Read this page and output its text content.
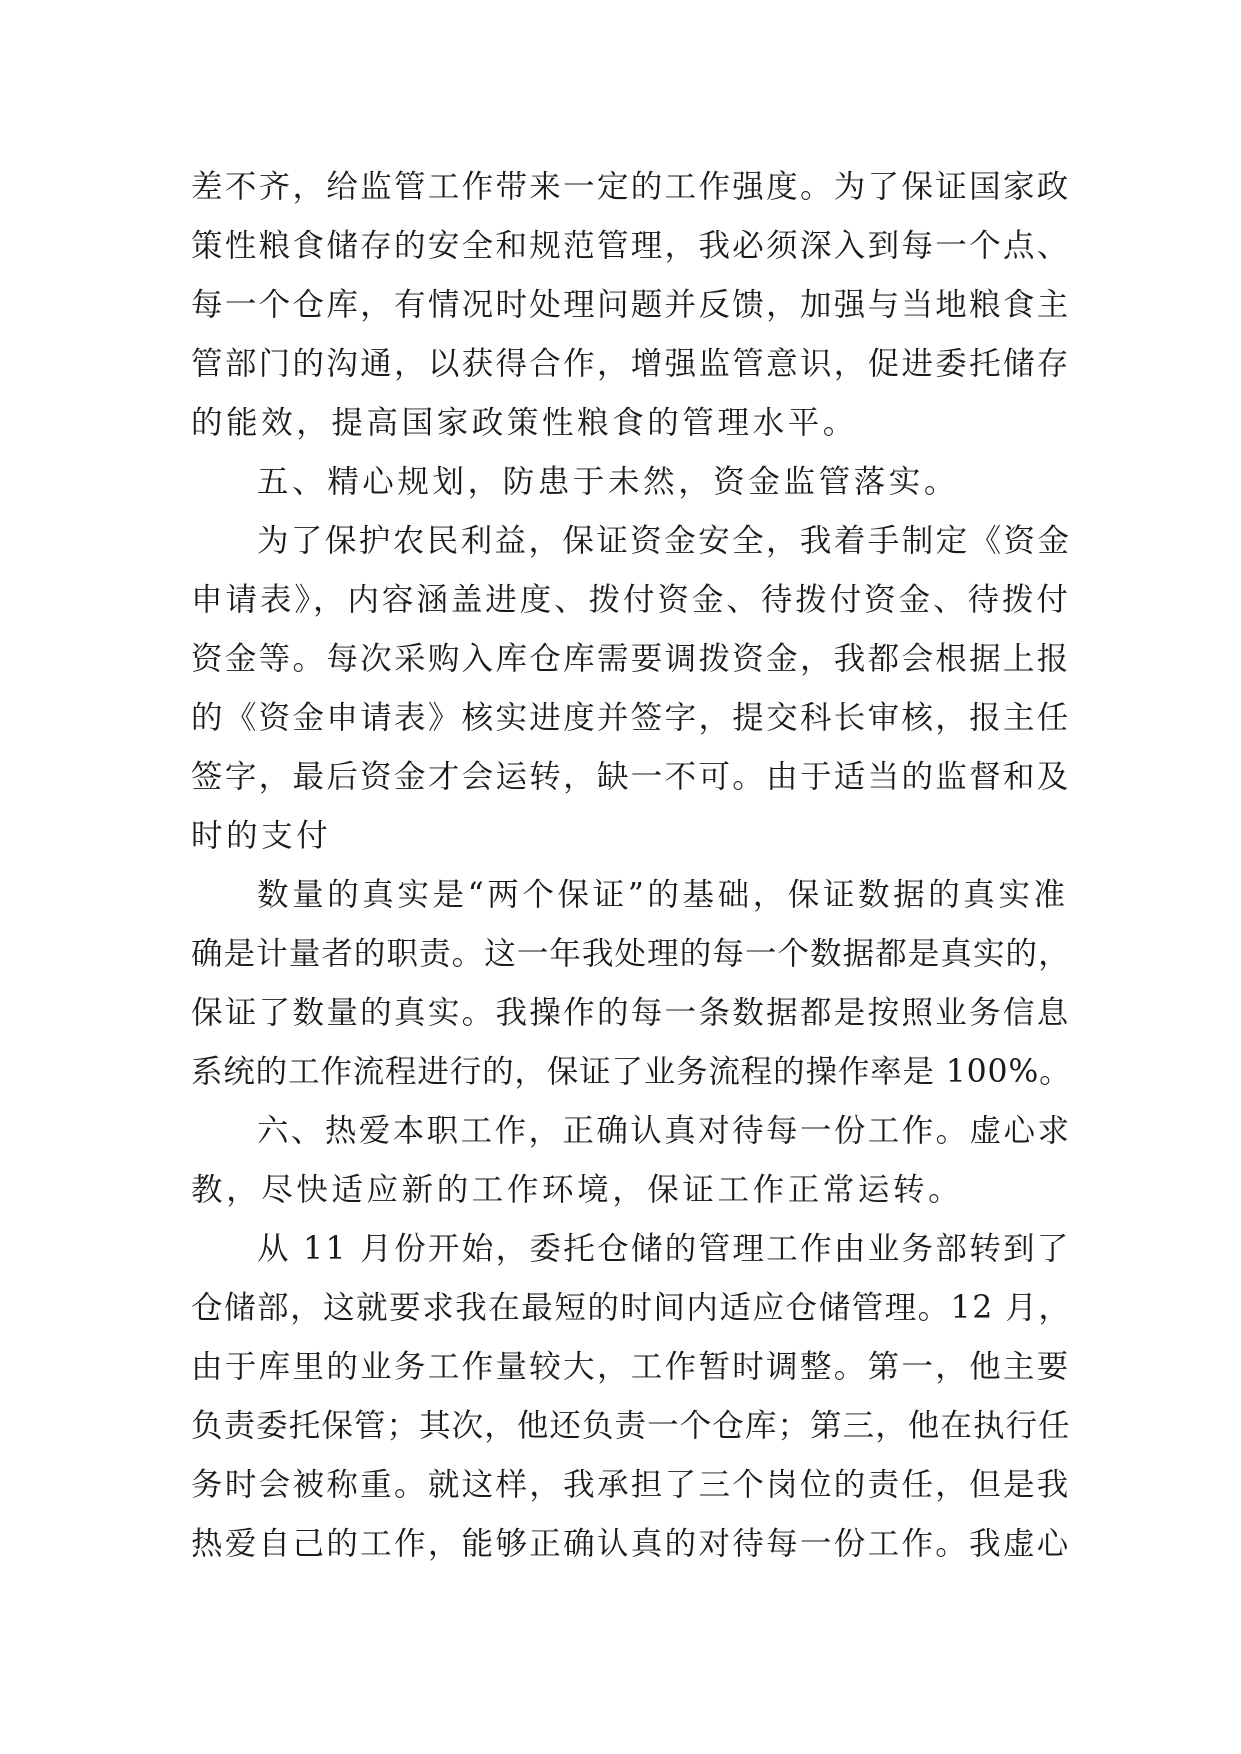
差不齐，给监管工作带来一定的工作强度。为了保证国家政
策性粮食储存的安全和规范管理，我必须深入到每一个点、
每一个仓库，有情况时处理问题并反馈，加强与当地粮食主
管部门的沟通，以获得合作，增强监管意识，促进委托储存
的能效，提高国家政策性粮食的管理水平。
五、精心规划，防患于未然，资金监管落实。
为了保护农民利益，保证资金安全，我着手制定《资金
申请表》，内容涵盖进度、拨付资金、待拨付资金、待拨付
资金等。每次采购入库仓库需要调拨资金，我都会根据上报
的《资金申请表》核实进度并签字，提交科长审核，报主任
签字，最后资金才会运转，缺一不可。由于适当的监督和及
时的支付
数量的真实是“两个保证”的基础，保证数据的真实准
确是计量者的职责。这一年我处理的每一个数据都是真实的，
保证了数量的真实。我操作的每一条数据都是按照业务信息
系统的工作流程进行的，保证了业务流程的操作率是 100%。
六、热爱本职工作，正确认真对待每一份工作。虚心求
教，尽快适应新的工作环境，保证工作正常运转。
从 11 月份开始，委托仓储的管理工作由业务部转到了
仓储部，这就要求我在最短的时间内适应仓储管理。12 月，
由于库里的业务工作量较大，工作暂时调整。第一，他主要
负责委托保管；其次，他还负责一个仓库；第三，他在执行任
务时会被称重。就这样，我承担了三个岗位的责任，但是我
热爱自己的工作，能够正确认真的对待每一份工作。我虚心
